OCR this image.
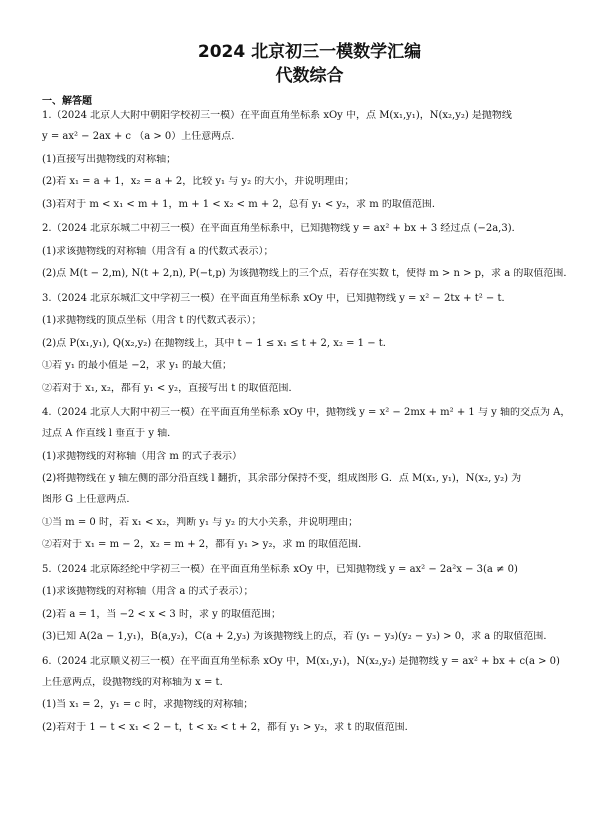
2024 北京初三一模数学汇编
代数综合
一、解答题
1.（2024 北京人大附中朝阳学校初三一模）在平面直角坐标系 xOy 中，点 M(x₁,y₁)，N(x₂,y₂) 是抛物线
y = ax² − 2ax + c （a > 0）上任意两点．
(1)直接写出抛物线的对称轴；
(2)若 x₁ = a + 1，x₂ = a + 2，比较 y₁ 与 y₂ 的大小，并说明理由；
(3)若对于 m < x₁ < m + 1，m + 1 < x₂ < m + 2，总有 y₁ < y₂，求 m 的取值范围．
2.（2024 北京东城二中初三一模）在平面直角坐标系中，已知抛物线 y = ax² + bx + 3 经过点 (−2a,3)．
(1)求该抛物线的对称轴（用含有 a 的代数式表示）；
(2)点 M(t − 2,m), N(t + 2,n), P(−t,p) 为该抛物线上的三个点，若存在实数 t，使得 m > n > p，求 a 的取值范围．
3.（2024 北京东城汇文中学初三一模）在平面直角坐标系 xOy 中，已知抛物线 y = x² − 2tx + t² − t．
(1)求抛物线的顶点坐标（用含 t 的代数式表示）；
(2)点 P(x₁,y₁), Q(x₂,y₂) 在抛物线上，其中 t − 1 ≤ x₁ ≤ t + 2, x₂ = 1 − t．
①若 y₁ 的最小值是 −2，求 y₁ 的最大值；
②若对于 x₁, x₂，都有 y₁ < y₂，直接写出 t 的取值范围．
4.（2024 北京人大附中初三一模）在平面直角坐标系 xOy 中，抛物线 y = x² − 2mx + m² + 1 与 y 轴的交点为 A，
过点 A 作直线 l 垂直于 y 轴．
(1)求抛物线的对称轴（用含 m 的式子表示）
(2)将抛物线在 y 轴左侧的部分沿直线 l 翻折，其余部分保持不变，组成图形 G．点 M(x₁, y₁)，N(x₂, y₂) 为
图形 G 上任意两点．
①当 m = 0 时，若 x₁ < x₂，判断 y₁ 与 y₂ 的大小关系，并说明理由；
②若对于 x₁ = m − 2，x₂ = m + 2，都有 y₁ > y₂，求 m 的取值范围．
5.（2024 北京陈经纶中学初三一模）在平面直角坐标系 xOy 中，已知抛物线 y = ax² − 2a²x − 3(a ≠ 0)
(1)求该抛物线的对称轴（用含 a 的式子表示）；
(2)若 a = 1，当 −2 < x < 3 时，求 y 的取值范围；
(3)已知 A(2a − 1,y₁)，B(a,y₂)，C(a + 2,y₃) 为该抛物线上的点，若 (y₁ − y₃)(y₂ − y₃) > 0，求 a 的取值范围．
6.（2024 北京顺义初三一模）在平面直角坐标系 xOy 中，M(x₁,y₁)，N(x₂,y₂) 是抛物线 y = ax² + bx + c(a > 0)
上任意两点，设抛物线的对称轴为 x = t．
(1)当 x₁ = 2，y₁ = c 时，求抛物线的对称轴；
(2)若对于 1 − t < x₁ < 2 − t，t < x₂ < t + 2，都有 y₁ > y₂，求 t 的取值范围．
